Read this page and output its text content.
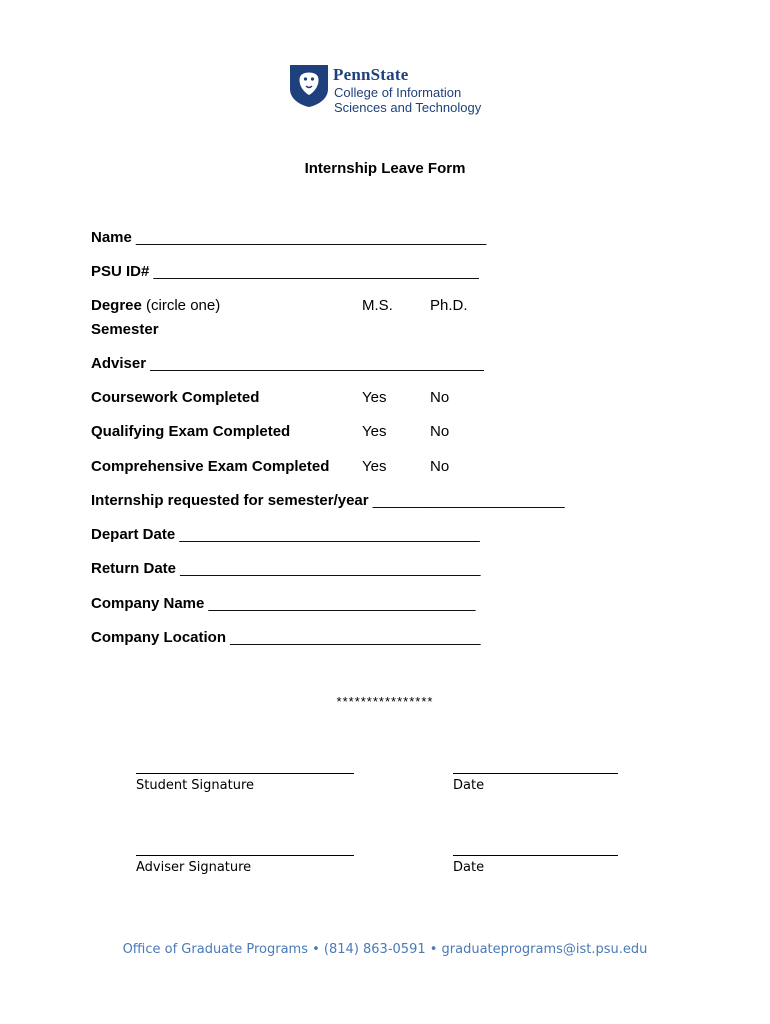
PennState
College of Information
Sciences and Technology
Internship Leave Form
Name __________________________________________
PSU ID# _______________________________________
Degree (circle one)	M.S. Ph.D.
Semester
Adviser ________________________________________
Coursework Completed	Yes	No
Qualifying Exam Completed	Yes	No
Comprehensive Exam Completed Yes	No
Internship requested for semester/year _______________________
Depart Date ____________________________________
Return Date ____________________________________
Company Name ________________________________
Company Location ______________________________
****************
Student Signature	Date
Adviser Signature	Date
Office of Graduate Programs • (814) 863-0591 • graduateprograms@ist.psu.edu
